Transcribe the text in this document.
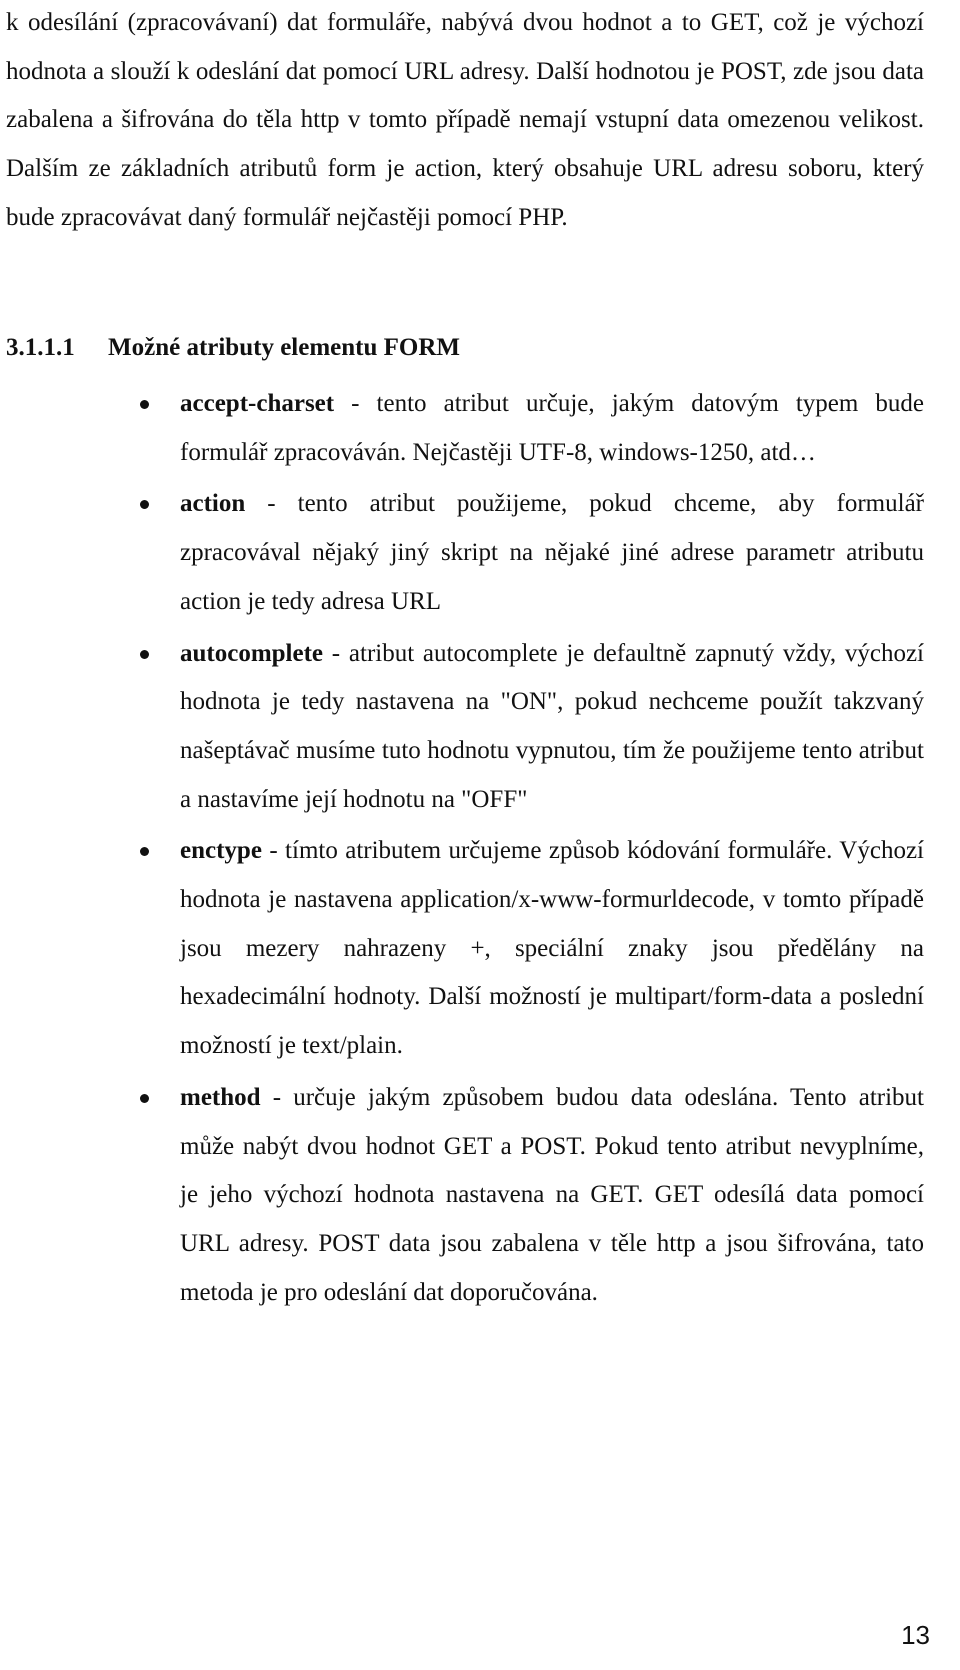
k odesílání (zpracovávaní) dat formuláře, nabývá dvou hodnot a to GET, což je výchozí hodnota a slouží k odeslání dat pomocí URL adresy. Další hodnotou je POST, zde jsou data zabalena a šifrována do těla http v tomto případě nemají vstupní data omezenou velikost. Dalším ze základních atributů form je action, který obsahuje URL adresu soboru, který bude zpracovávat daný formulář nejčastěji pomocí PHP.

3.1.1.1 Možné atributy elementu FORM
accept-charset - tento atribut určuje, jakým datovým typem bude formulář zpracováván. Nejčastěji UTF-8, windows-1250, atd…
action - tento atribut použijeme, pokud chceme, aby formulář zpracovával nějaký jiný skript na nějaké jiné adrese parametr atributu action je tedy adresa URL
autocomplete - atribut autocomplete je defaultně zapnutý vždy, výchozí hodnota je tedy nastavena na "ON", pokud nechceme použít takzvaný našeptávač musíme tuto hodnotu vypnutou, tím že použijeme tento atribut a nastavíme její hodnotu na "OFF"
enctype - tímto atributem určujeme způsob kódování formuláře. Výchozí hodnota je nastavena application/x-www-formurldecode, v tomto případě jsou mezery nahrazeny +, speciální znaky jsou předělány na hexadecimální hodnoty. Další možností je multipart/form-data a poslední možností je text/plain.
method - určuje jakým způsobem budou data odeslána. Tento atribut může nabýt dvou hodnot GET a POST. Pokud tento atribut nevyplníme, je jeho výchozí hodnota nastavena na GET. GET odesílá data pomocí URL adresy. POST data jsou zabalena v těle http a jsou šifrována, tato metoda je pro odeslání dat doporučována.
13
